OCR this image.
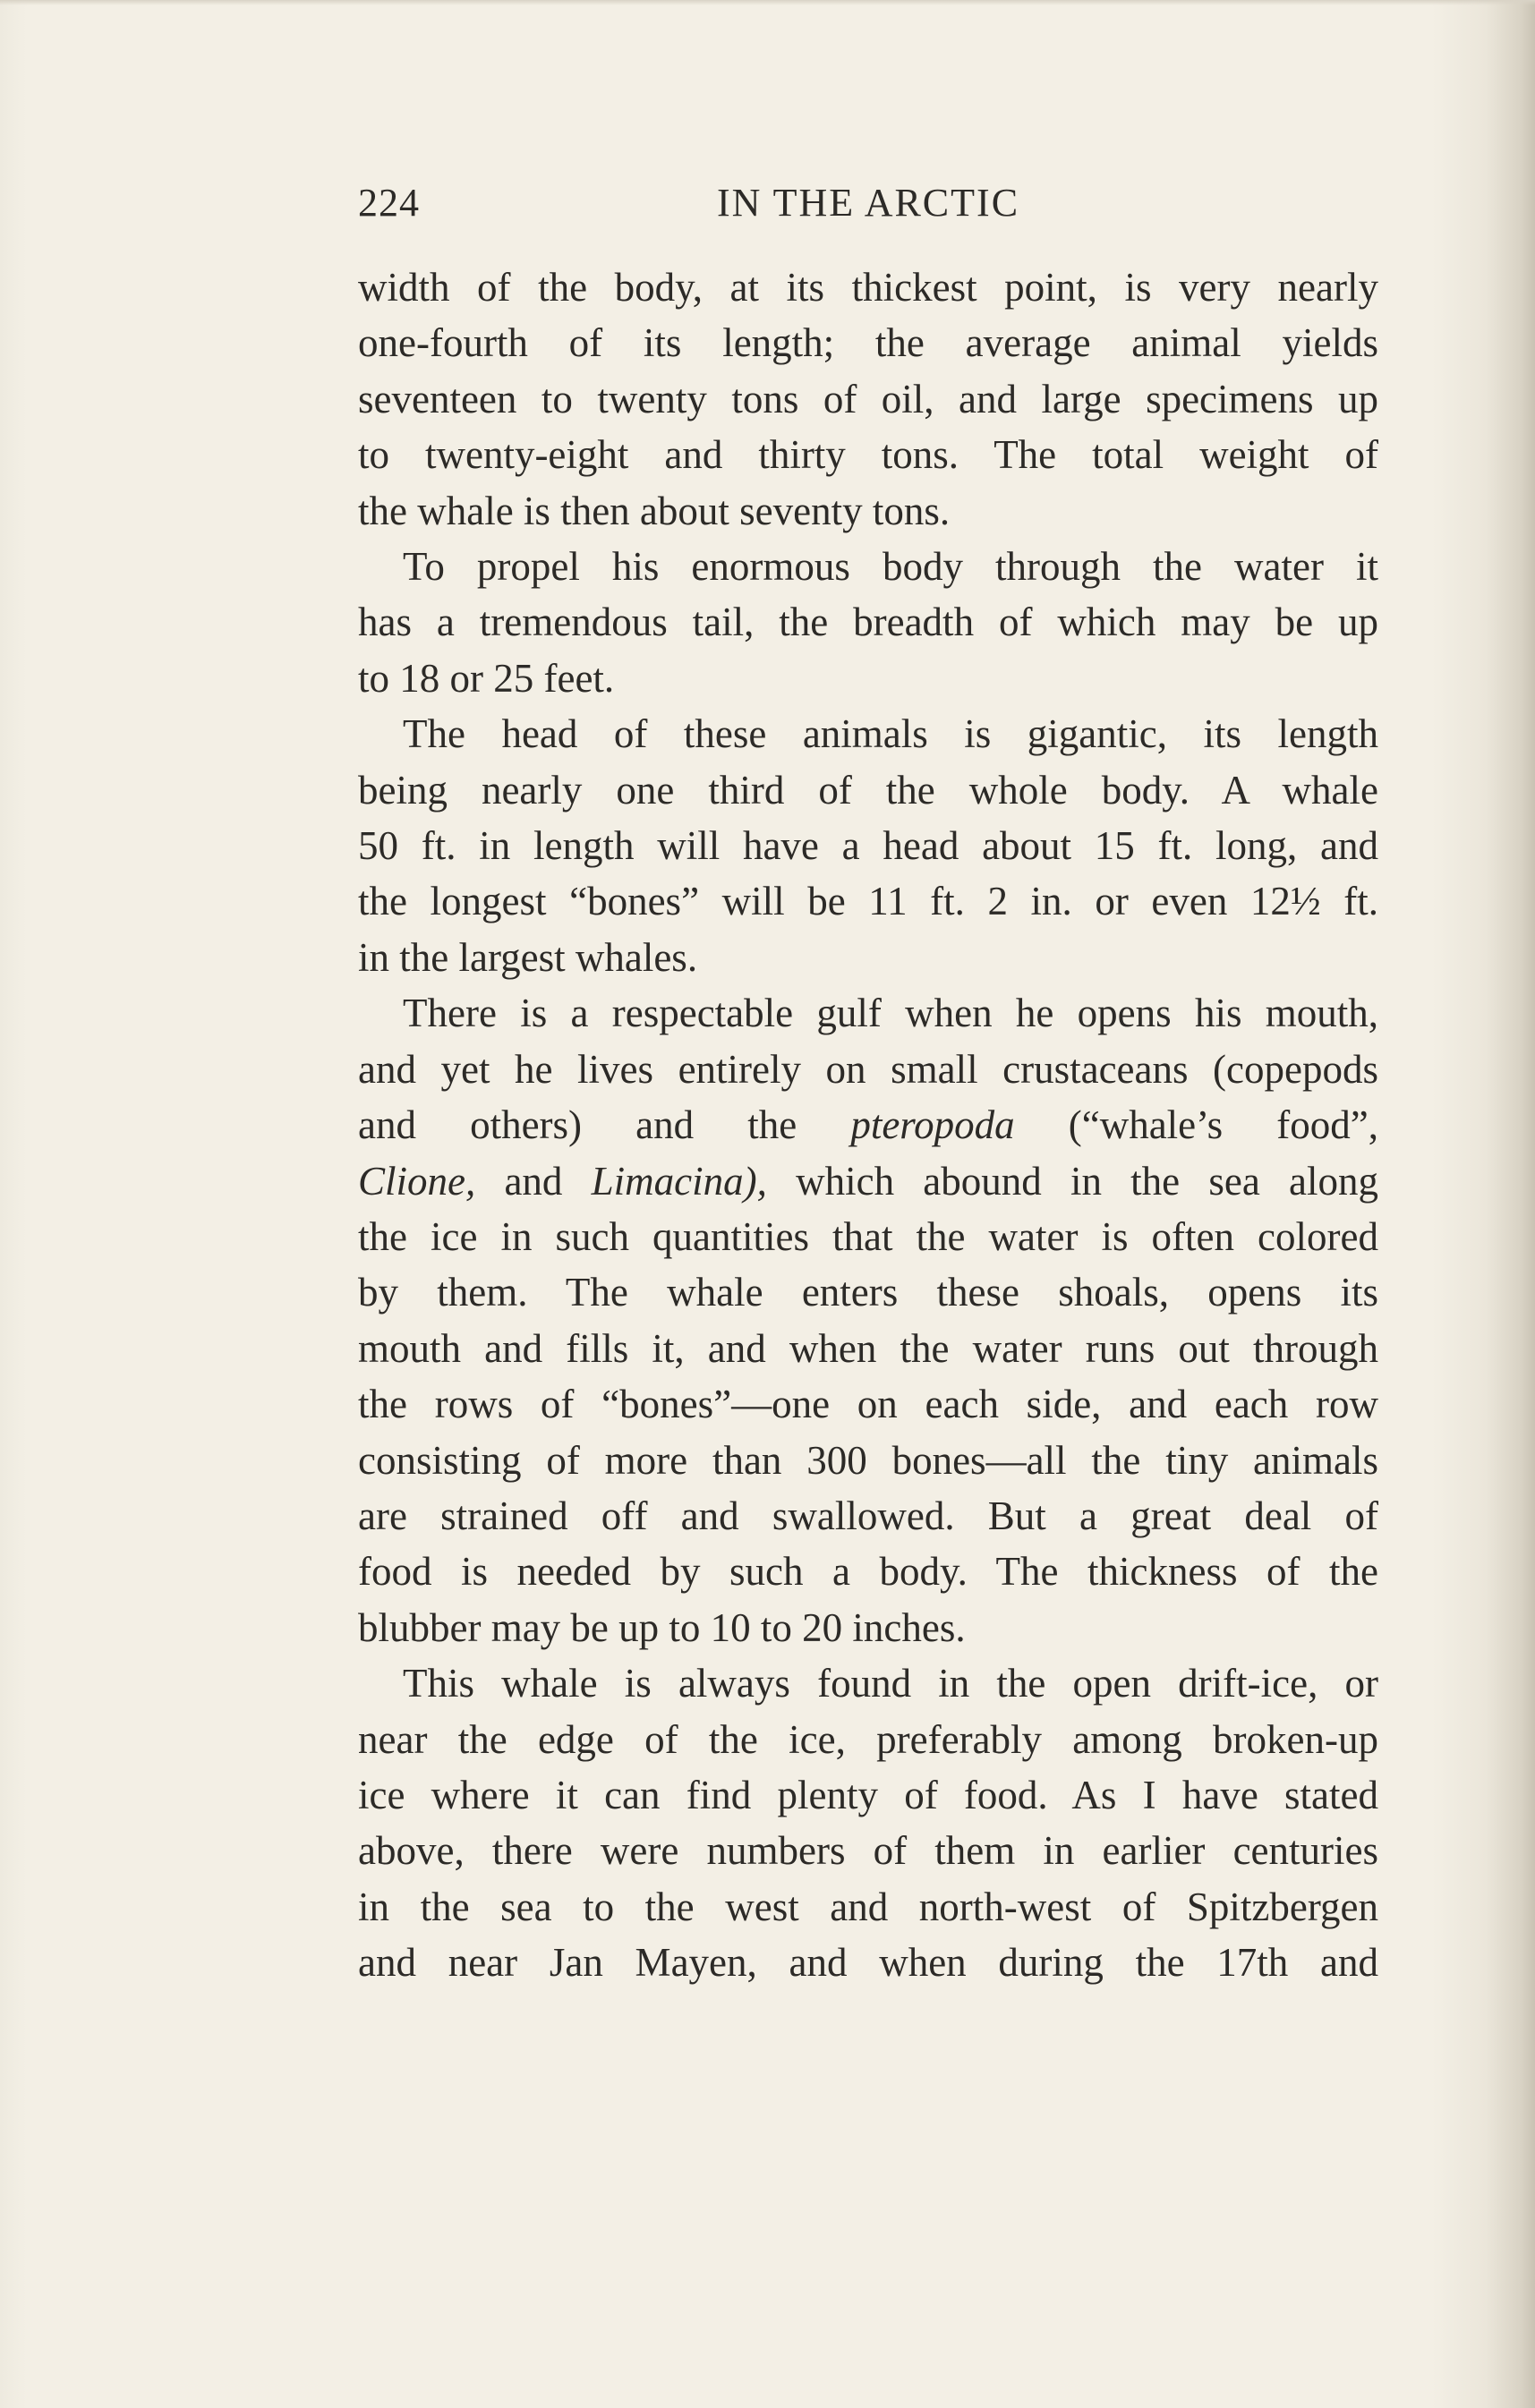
224	IN THE ARCTIC

width of the body, at its thickest point, is very nearly

one-fourth of its length; the average animal yields

seventeen to twenty tons of oil, and large specimens up

to twenty-eight and thirty tons. The total weight of

the whale is then about seventy tons.

To propel his enormous body through the water it

has a tremendous tail, the breadth of which may be up

to 18 or 25 feet.

The head of these animals is gigantic, its length

being nearly one third of the whole body. A whale

50 ft. in length will have a head about 15 ft. long, and

the longest “bones” will be 11 ft. 2 in. or even 12½ ft.

in the largest whales.

There is a respectable gulf when he opens his mouth,

and yet he lives entirely on small crustaceans (copepods

and others) and the pteropoda (“whale’s food”,

Clione, and Limacina), which abound in the sea along

the ice in such quantities that the water is often colored

by them. The whale enters these shoals, opens its

mouth and fills it, and when the water runs out through

the rows of “bones”—one on each side, and each row

consisting of more than 300 bones—all the tiny animals

are strained off and swallowed. But a great deal of

food is needed by such a body. The thickness of the

blubber may be up to 10 to 20 inches.

This whale is always found in the open drift-ice, or

near the edge of the ice, preferably among broken-up

ice where it can find plenty of food. As I have stated

above, there were numbers of them in earlier centuries

in the sea to the west and north-west of Spitzbergen

and near Jan Mayen, and when during the 17th and
